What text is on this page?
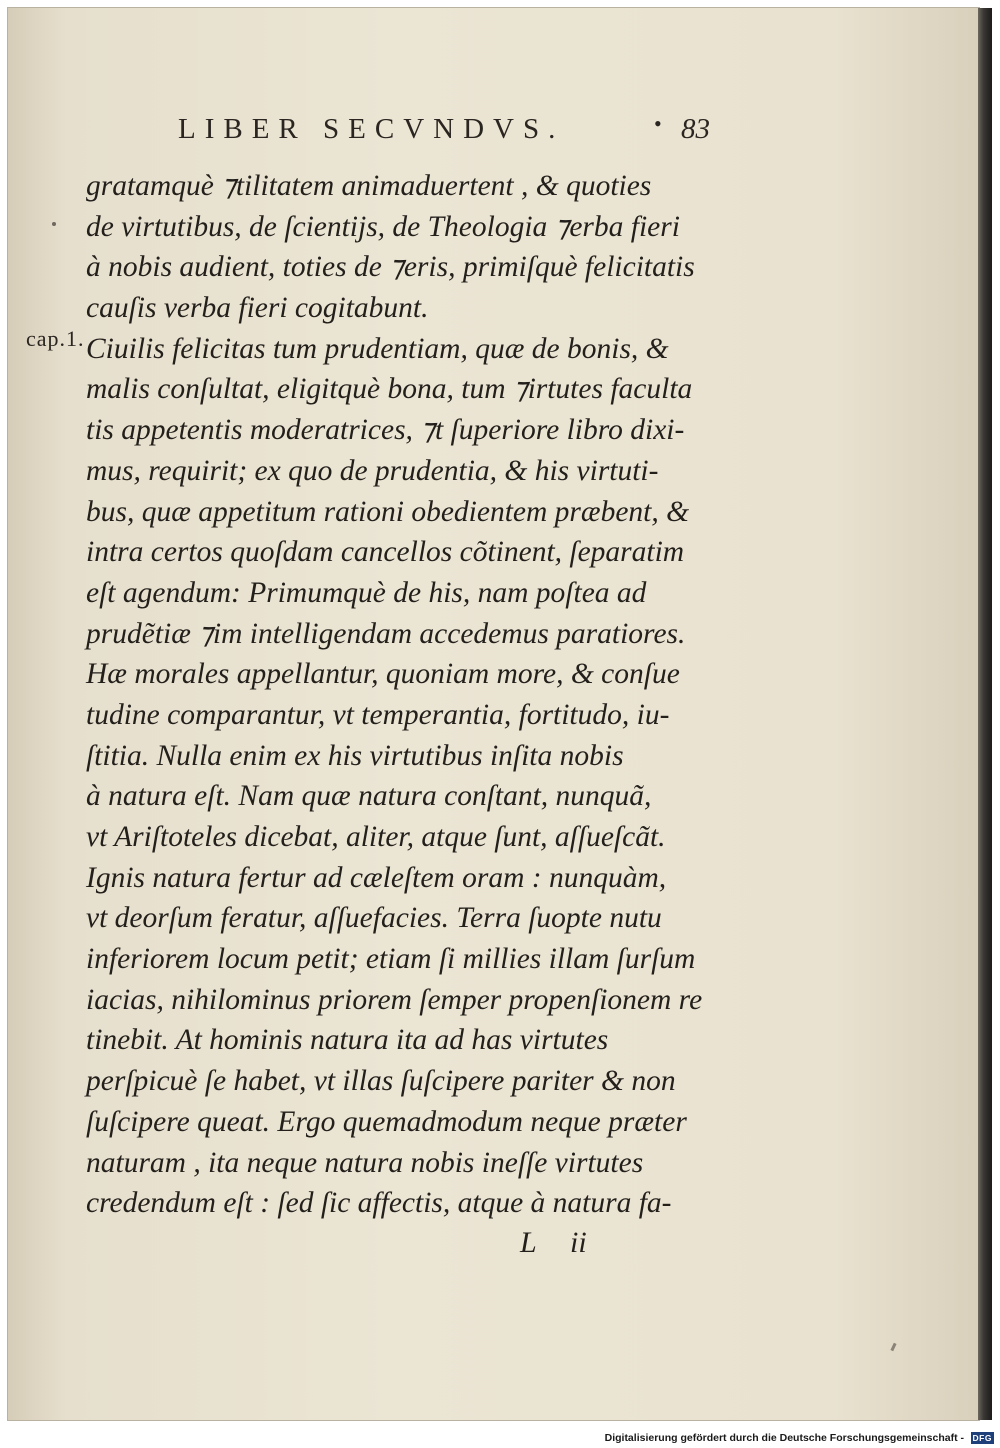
LIBER SECVNDVS.	• 83
cap.1.
gratamquè ⁊tilitatem animaduertent , & quoties
de virtutibus, de ſcientijs, de Theologia ⁊erba fieri
à nobis audient, toties de ⁊eris, primiſquè felicitatis
cauſis verba fieri cogitabunt.
Ciuilis felicitas tum prudentiam, quæ de bonis, &
malis conſultat, eligitquè bona, tum ⁊irtutes faculta
tis appetentis moderatrices, ⁊t ſuperiore libro dixi-
mus, requirit; ex quo de prudentia, & his virtuti-
bus, quæ appetitum rationi obedientem præbent, &
intra certos quoſdam cancellos cõtinent, ſeparatim
eſt agendum: Primumquè de his, nam poſtea ad
prudẽtiæ ⁊im intelligendam accedemus paratiores.
Hæ morales appellantur, quoniam more, & conſue
tudine comparantur, vt temperantia, fortitudo, iu-
ſtitia. Nulla enim ex his virtutibus inſita nobis
à natura eſt. Nam quæ natura conſtant, nunquã,
vt Ariſtoteles dicebat, aliter, atque ſunt, aſſueſcãt.
Ignis natura fertur ad cæleſtem oram : nunquàm,
vt deorſum feratur, aſſuefacies. Terra ſuopte nutu
inferiorem locum petit; etiam ſi millies illam ſurſum
iacias, nihilominus priorem ſemper propenſionem re
tinebit. At hominis natura ita ad has virtutes
perſpicuè ſe habet, vt illas ſuſcipere pariter & non
ſuſcipere queat. Ergo quemadmodum neque præter
naturam , ita neque natura nobis ineſſe virtutes
credendum eſt : ſed ſic affectis, atque à natura fa-
L ii
Digitalisierung gefördert durch die Deutsche Forschungsgemeinschaft - DFG
